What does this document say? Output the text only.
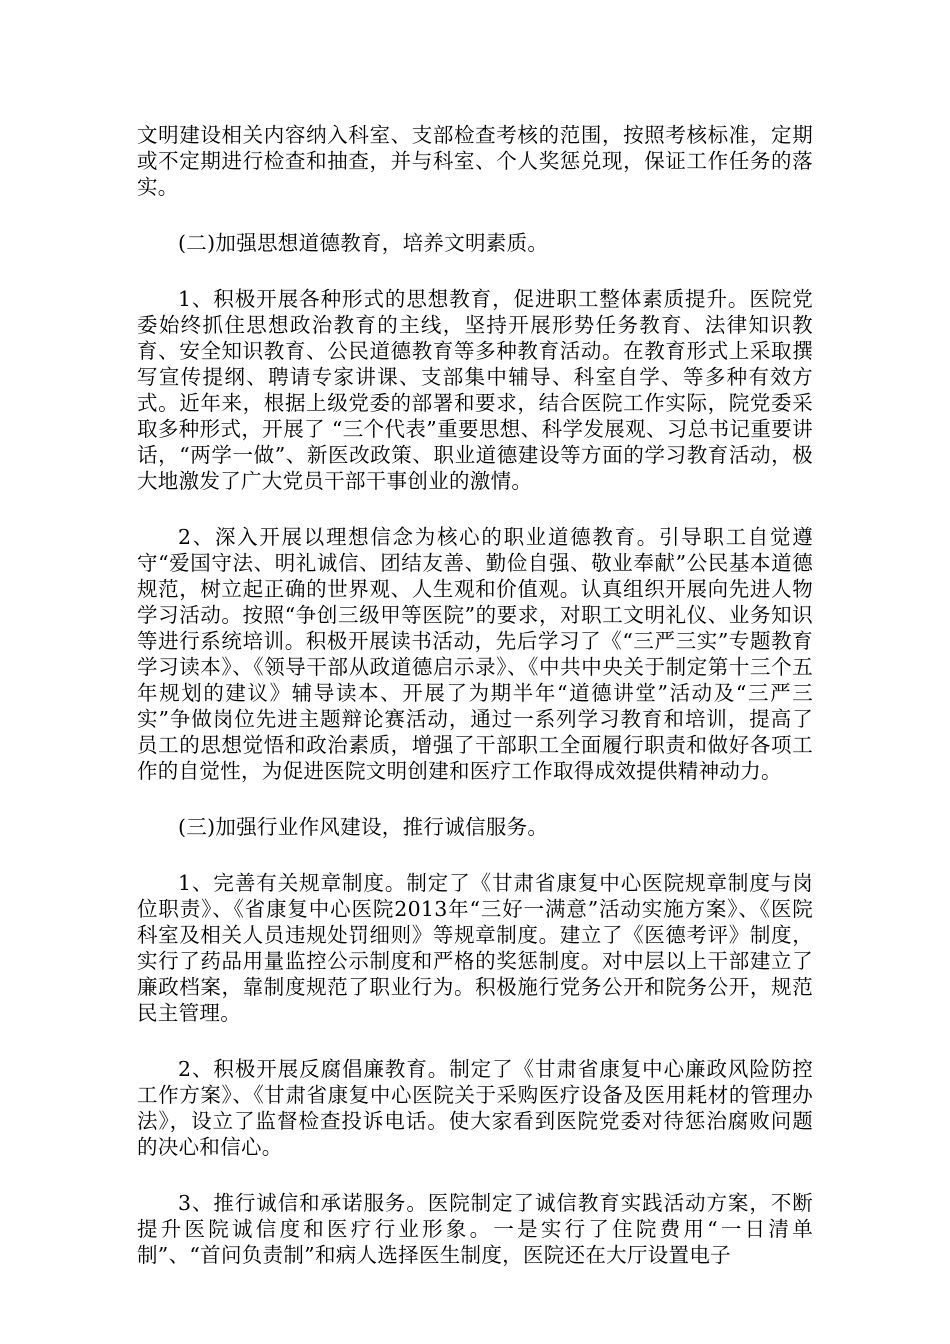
文明建设相关内容纳入科室、支部检查考核的范围，按照考核标准，定期或不定期进行检查和抽查，并与科室、个人奖惩兑现，保证工作任务的落实。

(二)加强思想道德教育，培养文明素质。

1、积极开展各种形式的思想教育，促进职工整体素质提升。医院党委始终抓住思想政治教育的主线，坚持开展形势任务教育、法律知识教育、安全知识教育、公民道德教育等多种教育活动。在教育形式上采取撰写宣传提纲、聘请专家讲课、支部集中辅导、科室自学、等多种有效方式。近年来，根据上级党委的部署和要求，结合医院工作实际，院党委采取多种形式，开展了 “三个代表”重要思想、科学发展观、习总书记重要讲话，“两学一做”、新医改政策、职业道德建设等方面的学习教育活动，极大地激发了广大党员干部干事创业的激情。

2、深入开展以理想信念为核心的职业道德教育。引导职工自觉遵守“爱国守法、明礼诚信、团结友善、勤俭自强、敬业奉献”公民基本道德规范，树立起正确的世界观、人生观和价值观。认真组织开展向先进人物学习活动。按照“争创三级甲等医院”的要求，对职工文明礼仪、业务知识等进行系统培训。积极开展读书活动，先后学习了《“三严三实”专题教育学习读本》、《领导干部从政道德启示录》、《中共中央关于制定第十三个五年规划的建议》辅导读本、开展了为期半年“道德讲堂”活动及“三严三实”争做岗位先进主题辩论赛活动，通过一系列学习教育和培训，提高了员工的思想觉悟和政治素质，增强了干部职工全面履行职责和做好各项工作的自觉性，为促进医院文明创建和医疗工作取得成效提供精神动力。

(三)加强行业作风建设，推行诚信服务。

1、完善有关规章制度。制定了《甘肃省康复中心医院规章制度与岗位职责》、《省康复中心医院2013年“三好一满意”活动实施方案》、《医院科室及相关人员违规处罚细则》等规章制度。建立了《医德考评》制度，实行了药品用量监控公示制度和严格的奖惩制度。对中层以上干部建立了廉政档案，靠制度规范了职业行为。积极施行党务公开和院务公开，规范民主管理。

2、积极开展反腐倡廉教育。制定了《甘肃省康复中心廉政风险防控工作方案》、《甘肃省康复中心医院关于采购医疗设备及医用耗材的管理办法》，设立了监督检查投诉电话。使大家看到医院党委对待惩治腐败问题的决心和信心。

3、推行诚信和承诺服务。医院制定了诚信教育实践活动方案，不断提升医院诚信度和医疗行业形象。一是实行了住院费用“一日清单制”、“首问负责制”和病人选择医生制度，医院还在大厅设置电子
